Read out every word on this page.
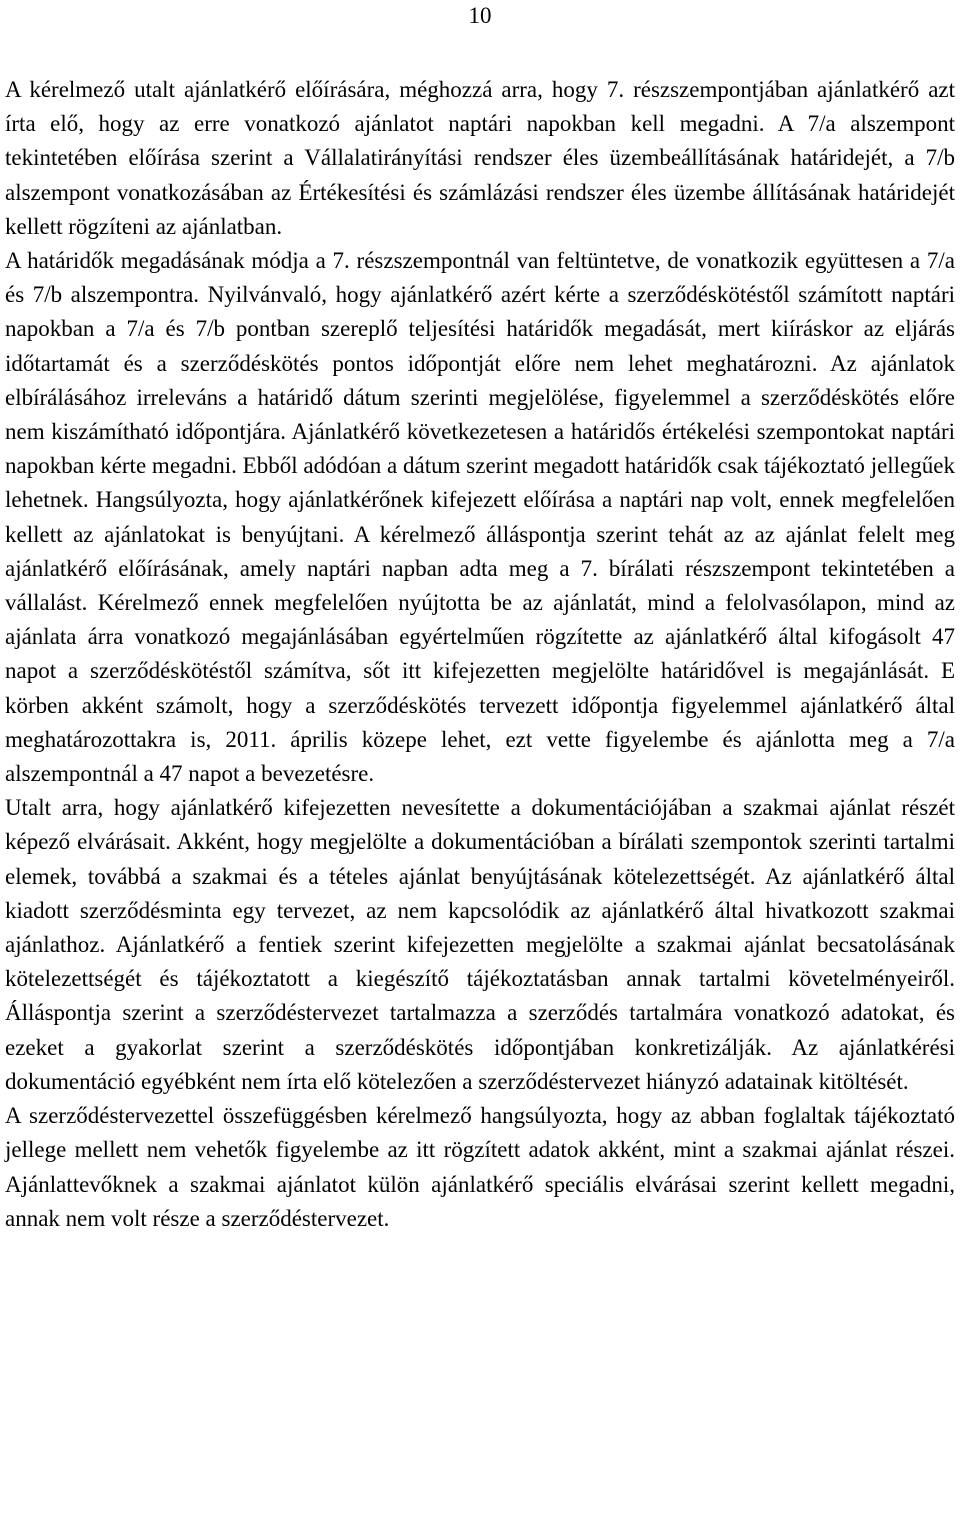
10

A kérelmező utalt ajánlatkérő előírására, méghozzá arra, hogy 7. részszempontjában ajánlatkérő azt írta elő, hogy az erre vonatkozó ajánlatot naptári napokban kell megadni. A 7/a alszempont tekintetében előírása szerint a Vállalatirányítási rendszer éles üzembeállításának határidejét, a 7/b alszempont vonatkozásában az Értékesítési és számlázási rendszer éles üzembe állításának határidejét kellett rögzíteni az ajánlatban.

A határidők megadásának módja a 7. részszempontnál van feltüntetve, de vonatkozik együttesen a 7/a és 7/b alszempontra. Nyilvánvaló, hogy ajánlatkérő azért kérte a szerződéskötéstől számított naptári napokban a 7/a és 7/b pontban szereplő teljesítési határidők megadását, mert kiíráskor az eljárás időtartamát és a szerződéskötés pontos időpontját előre nem lehet meghatározni. Az ajánlatok elbírálásához irreleváns a határidő dátum szerinti megjelölése, figyelemmel a szerződéskötés előre nem kiszámítható időpontjára. Ajánlatkérő következetesen a határidős értékelési szempontokat naptári napokban kérte megadni. Ebből adódóan a dátum szerint megadott határidők csak tájékoztató jellegűek lehetnek. Hangsúlyozta, hogy ajánlatkérőnek kifejezett előírása a naptári nap volt, ennek megfelelően kellett az ajánlatokat is benyújtani. A kérelmező álláspontja szerint tehát az az ajánlat felelt meg ajánlatkérő előírásának, amely naptári napban adta meg a 7. bírálati részszempont tekintetében a vállalást. Kérelmező ennek megfelelően nyújtotta be az ajánlatát, mind a felolvasólapon, mind az ajánlata árra vonatkozó megajánlásában egyértelműen rögzítette az ajánlatkérő által kifogásolt 47 napot a szerződéskötéstől számítva, sőt itt kifejezetten megjelölte határidővel is megajánlását. E körben akként számolt, hogy a szerződéskötés tervezett időpontja figyelemmel ajánlatkérő által meghatározottakra is, 2011. április közepe lehet, ezt vette figyelembe és ajánlotta meg a 7/a alszempontnál a 47 napot a bevezetésre.

Utalt arra, hogy ajánlatkérő kifejezetten nevesítette a dokumentációjában a szakmai ajánlat részét képező elvárásait. Akként, hogy megjelölte a dokumentációban a bírálati szempontok szerinti tartalmi elemek, továbbá a szakmai és a tételes ajánlat benyújtásának kötelezettségét. Az ajánlatkérő által kiadott szerződésminta egy tervezet, az nem kapcsolódik az ajánlatkérő által hivatkozott szakmai ajánlathoz. Ajánlatkérő a fentiek szerint kifejezetten megjelölte a szakmai ajánlat becsatolásának kötelezettségét és tájékoztatott a kiegészítő tájékoztatásban annak tartalmi követelményeiről. Álláspontja szerint a szerződéstervezet tartalmazza a szerződés tartalmára vonatkozó adatokat, és ezeket a gyakorlat szerint a szerződéskötés időpontjában konkretizálják. Az ajánlatkérési dokumentáció egyébként nem írta elő kötelezően a szerződéstervezet hiányzó adatainak kitöltését.

A szerződéstervezettel összefüggésben kérelmező hangsúlyozta, hogy az abban foglaltak tájékoztató jellege mellett nem vehetők figyelembe az itt rögzített adatok akként, mint a szakmai ajánlat részei. Ajánlattevőknek a szakmai ajánlatot külön ajánlatkérő speciális elvárásai szerint kellett megadni, annak nem volt része a szerződéstervezet.
